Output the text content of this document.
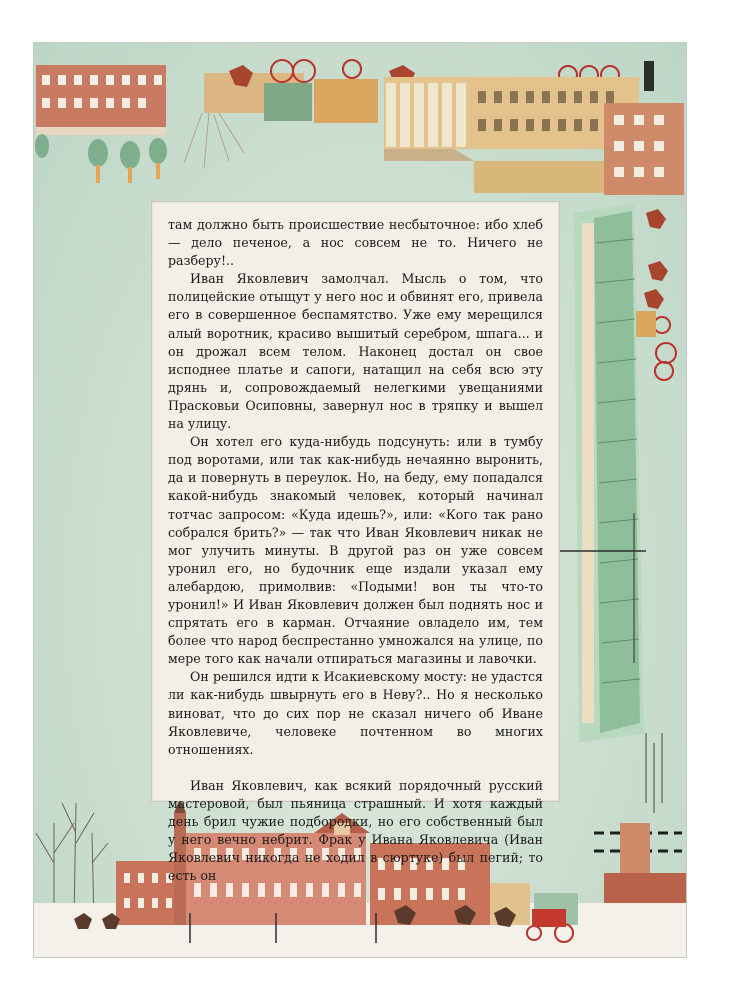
там должно быть происшествие несбыточное: ибо хлеб — дело печеное, а нос совсем не то. Ничего не разберу!..

Иван Яковлевич замолчал. Мысль о том, что полицейские отыщут у него нос и обвинят его, привела его в совершенное беспамятство. Уже ему мерещился алый воротник, красиво вышитый серебром, шпага... и он дрожал всем телом. Наконец достал он свое исподнее платье и сапоги, натащил на себя всю эту дрянь и, сопровождаемый нелегкими увещаниями Прасковьи Осиповны, завернул нос в тряпку и вышел на улицу.

Он хотел его куда-нибудь подсунуть: или в тумбу под воротами, или так как-нибудь нечаянно выронить, да и повернуть в переулок. Но, на беду, ему попадался какой-нибудь знакомый человек, который начинал тотчас запросом: «Куда идешь?», или: «Кого так рано собрался брить?» — так что Иван Яковлевич никак не мог улучить минуты. В другой раз он уже совсем уронил его, но будочник еще издали указал ему алебардою, примолвив: «Подыми! вон ты что-то уронил!» И Иван Яковлевич должен был поднять нос и спрятать его в карман. Отчаяние овладело им, тем более что народ беспрестанно умножался на улице, по мере того как начали отпираться магазины и лавочки.

Он решился идти к Исакиевскому мосту: не удастся ли как-нибудь швырнуть его в Неву?.. Но я несколько виноват, что до сих пор не сказал ничего об Иване Яковлевиче, человеке почтенном во многих отношениях.

Иван Яковлевич, как всякий порядочный русский мастеровой, был пьяница страшный. И хотя каждый день брил чужие подбородки, но его собственный был у него вечно небрит. Фрак у Ивана Яковлевича (Иван Яковлевич никогда не ходил в сюртуке) был пегий; то есть он
